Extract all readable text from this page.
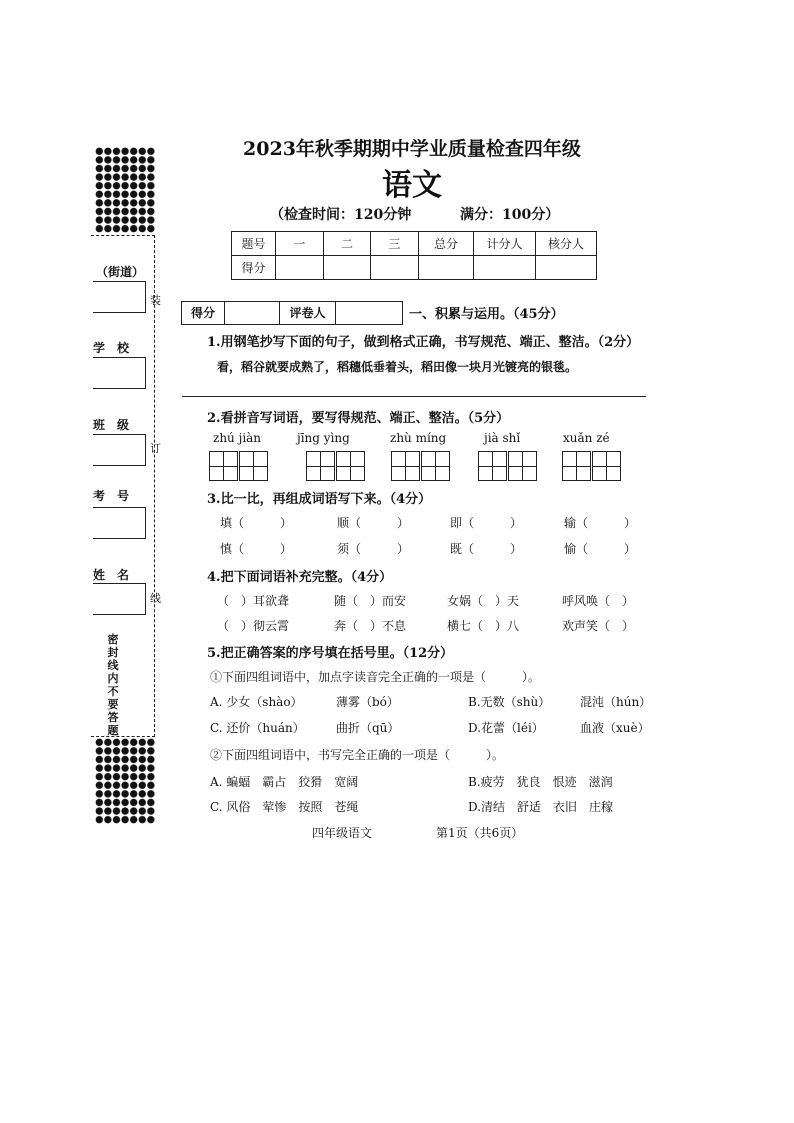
（街道）
装
学　校
班　级
订
考　号
姓　名
线
密封线内不要答题
2023年秋季期期中学业质量检查四年级
语文
（检查时间：120分钟	满分：100分）
题号	一	二	三	总分	计分人	核分人
得分						
得分	评卷人	一、积累与运用。（45分）
1.用钢笔抄写下面的句子，做到格式正确，书写规范、端正、整洁。（2分）
看，稻谷就要成熟了，稻穗低垂着头，稻田像一块月光镀亮的银毯。
2.看拼音写词语，要写得规范、端正、整洁。（5分）
zhú jiàn	jīng yìng	zhù míng	jià shǐ	xuǎn zé
3.比一比，再组成词语写下来。（4分）
填（　　　）	顺（　　　）	即（　　　）	输（　　　）
慎（　　　）	须（　　　）	既（　　　）	愉（　　　）
4.把下面词语补充完整。（4分）
（　）耳欲聋	随（　）而安	女娲（　）天	呼风唤（　）
（　）彻云霄	奔（　）不息	横七（　）八	欢声笑（　）
5.把正确答案的序号填在括号里。（12分）
①下面四组词语中，加点字读音完全正确的一项是（　　　）。
A. 少女（shào）	薄雾（bó）	B.无数（shù） 混沌（hún）
C. 还价（huán）	曲折（qū）	D.花蕾（léi）	血液（xuè）
②下面四组词语中，书写完全正确的一项是（　　　）。
A. 蝙蝠　霸占　狡猾　宽阔	B.疲劳　犹良　恨迹　滋润
C. 风俗　荤惨　按照　苍绳	D.清结　舒适　衣旧　庄稼
四年级语文	第1页（共6页）
